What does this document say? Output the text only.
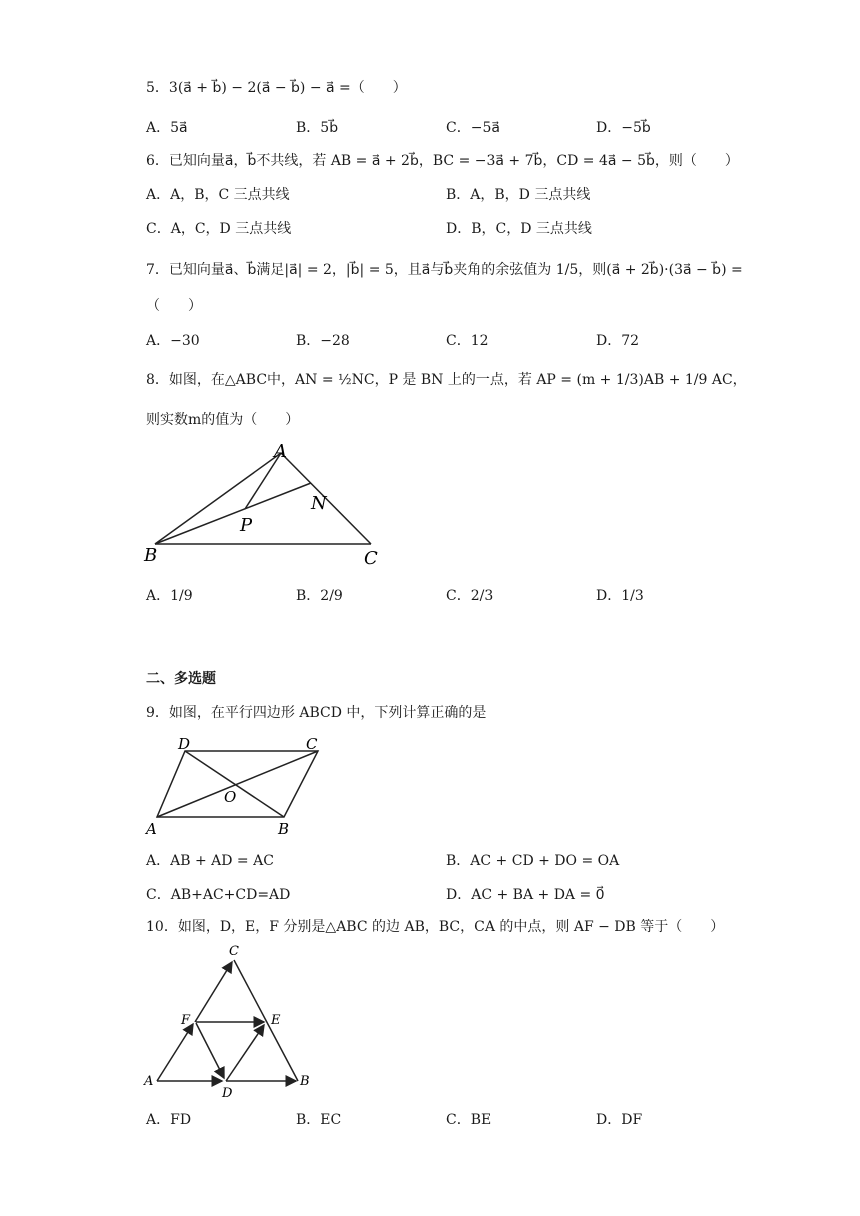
5．3(a⃗ + b⃗) − 2(a⃗ − b⃗) − a⃗ =（　　）
A．5a⃗	B．5b⃗	C．−5a⃗	D．−5b⃗
6．已知向量a⃗，b⃗不共线，若 AB = a⃗ + 2b⃗，BC = −3a⃗ + 7b⃗，CD = 4a⃗ − 5b⃗，则（　　）
A．A，B，C 三点共线	B．A，B，D 三点共线
C．A，C，D 三点共线	D．B，C，D 三点共线
7．已知向量a⃗、b⃗满足|a⃗| = 2，|b⃗| = 5，且a⃗与b⃗夹角的余弦值为 1/5，则(a⃗ + 2b⃗)·(3a⃗ − b⃗) =
（　　）
A．−30	B．−28	C．12	D．72
8．如图，在△ABC中，AN = ½NC，P 是 BN 上的一点，若 AP = (m + 1/3)AB + 1/9 AC，
则实数m的值为（　　）
A
B	C
N
P
A．1/9	B．2/9	C．2/3	D．1/3
二、多选题
9．如图，在平行四边形 ABCD 中，下列计算正确的是
D	C
O
A	B
A．AB + AD = AC	B．AC + CD + DO = OA
C．AB+AC+CD=AD	D．AC + BA + DA = 0⃗
10．如图，D，E，F 分别是△ABC 的边 AB，BC，CA 的中点，则 AF − DB 等于（　　）
C
F	E
A
D
B
A．FD	B．EC	C．BE	D．DF
